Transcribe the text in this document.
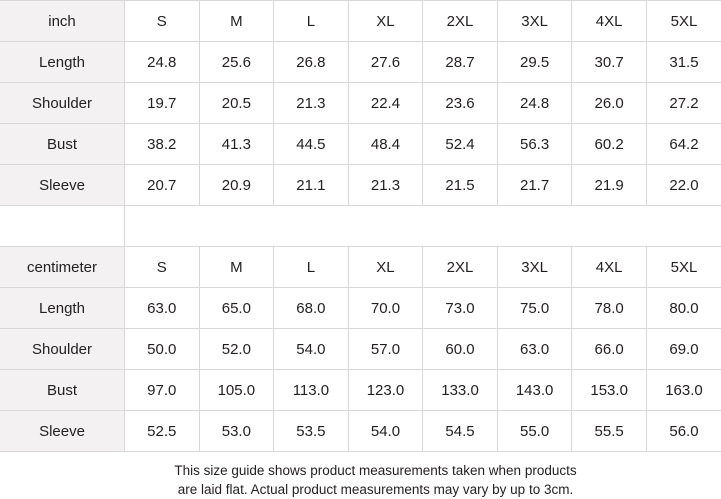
inch	S	M	L	XL	2XL	3XL	4XL	5XL
Length	24.8	25.6	26.8	27.6	28.7	29.5	30.7	31.5
Shoulder	19.7	20.5	21.3	22.4	23.6	24.8	26.0	27.2
Bust	38.2	41.3	44.5	48.4	52.4	56.3	60.2	64.2
Sleeve	20.7	20.9	21.1	21.3	21.5	21.7	21.9	22.0
centimeter	S	M	L	XL	2XL	3XL	4XL	5XL
Length	63.0	65.0	68.0	70.0	73.0	75.0	78.0	80.0
Shoulder	50.0	52.0	54.0	57.0	60.0	63.0	66.0	69.0
Bust	97.0	105.0	113.0	123.0	133.0	143.0	153.0	163.0
Sleeve	52.5	53.0	53.5	54.0	54.5	55.0	55.5	56.0
This size guide shows product measurements taken when products
are laid flat. Actual product measurements may vary by up to 3cm.
